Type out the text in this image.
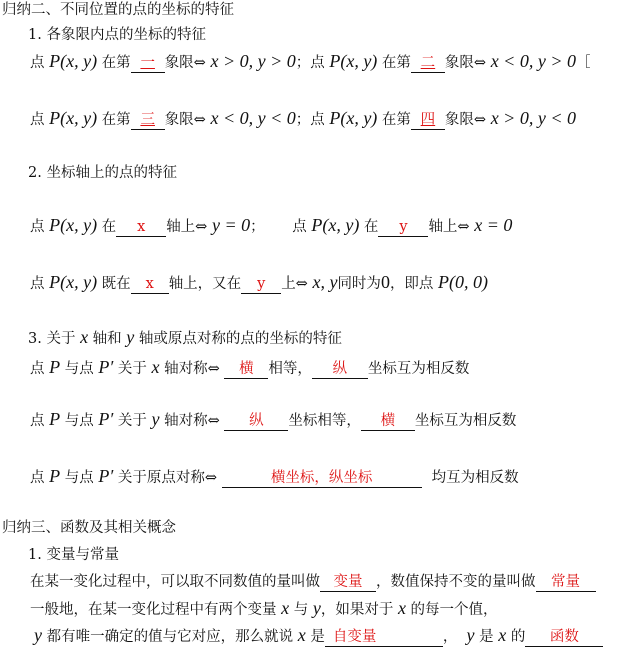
归纳二、不同位置的点的坐标的特征
1. 各象限内点的坐标的特征
点 P(x, y) 在第 一 象限⇔ x > 0, y > 0；点 P(x, y) 在第 二 象限⇔ x < 0, y > 0［
点 P(x, y) 在第 三 象限⇔ x < 0, y < 0；点 P(x, y) 在第 四 象限⇔ x > 0, y < 0
2. 坐标轴上的点的特征
点 P(x, y) 在 x 轴上⇔ y = 0；      点 P(x, y) 在 y 轴上⇔ x = 0
点 P(x, y) 既在 x 轴上，又在 y 上⇔ x, y同时为0，即点 P(0, 0)
3. 关于 x 轴和 y 轴或原点对称的点的坐标的特征
点 P 与点 P′ 关于 x 轴对称⇔ 横 相等， 纵 坐标互为相反数
点 P 与点 P′ 关于 y 轴对称⇔ 纵 坐标相等， 横 坐标互为相反数
点 P 与点 P′ 关于原点对称⇔	横坐标，纵坐标	均互为相反数
归纳三、函数及其相关概念
1. 变量与常量
在某一变化过程中，可以取不同数值的量叫做 变量 ，数值保持不变的量叫做 常量
一般地，在某一变化过程中有两个变量 x 与 y，如果对于 x 的每一个值，
y 都有唯一确定的值与它对应，那么就说 x 是 自变量	，  y 是 x 的 函数
